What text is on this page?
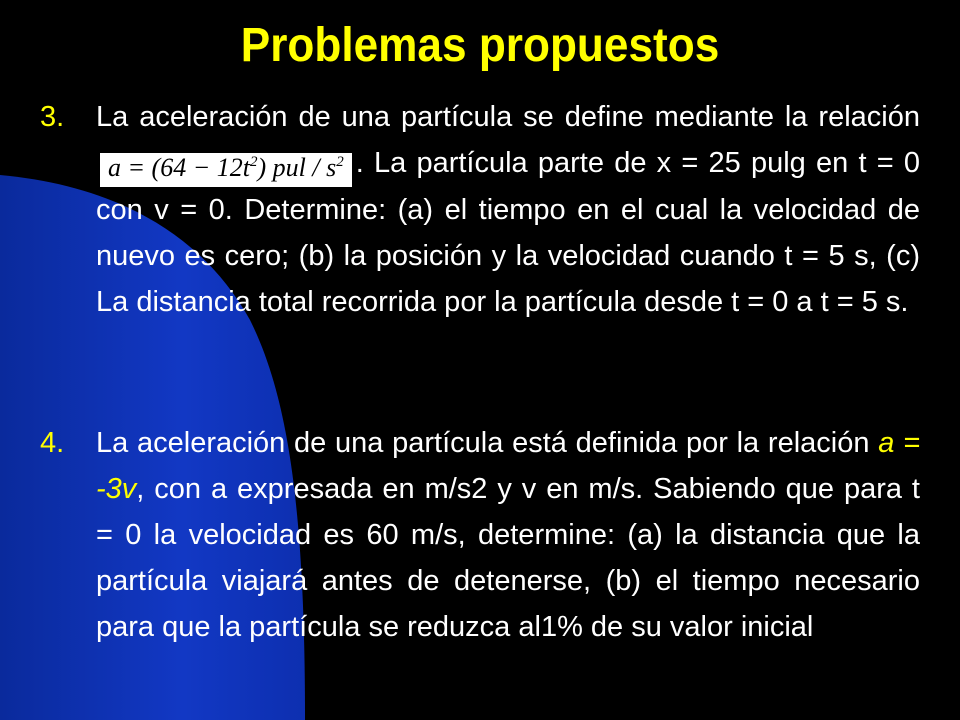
Problemas propuestos
3. La aceleración de una partícula se define mediante la relación $a = (64 - 12t^2)$ pul / $s^2$ . La partícula parte de x = 25 pulg en t = 0 con v = 0. Determine: (a) el tiempo en el cual la velocidad de nuevo es cero; (b) la posición y la velocidad cuando t = 5 s, (c) La distancia total recorrida por la partícula desde t = 0 a t = 5 s.
4. La aceleración de una partícula está definida por la relación a = -3v, con a expresada en m/s2 y v en m/s. Sabiendo que para t = 0 la velocidad es 60 m/s, determine: (a) la distancia que la partícula viajará antes de detenerse, (b) el tiempo necesario para que la partícula se reduzca al1% de su valor inicial
